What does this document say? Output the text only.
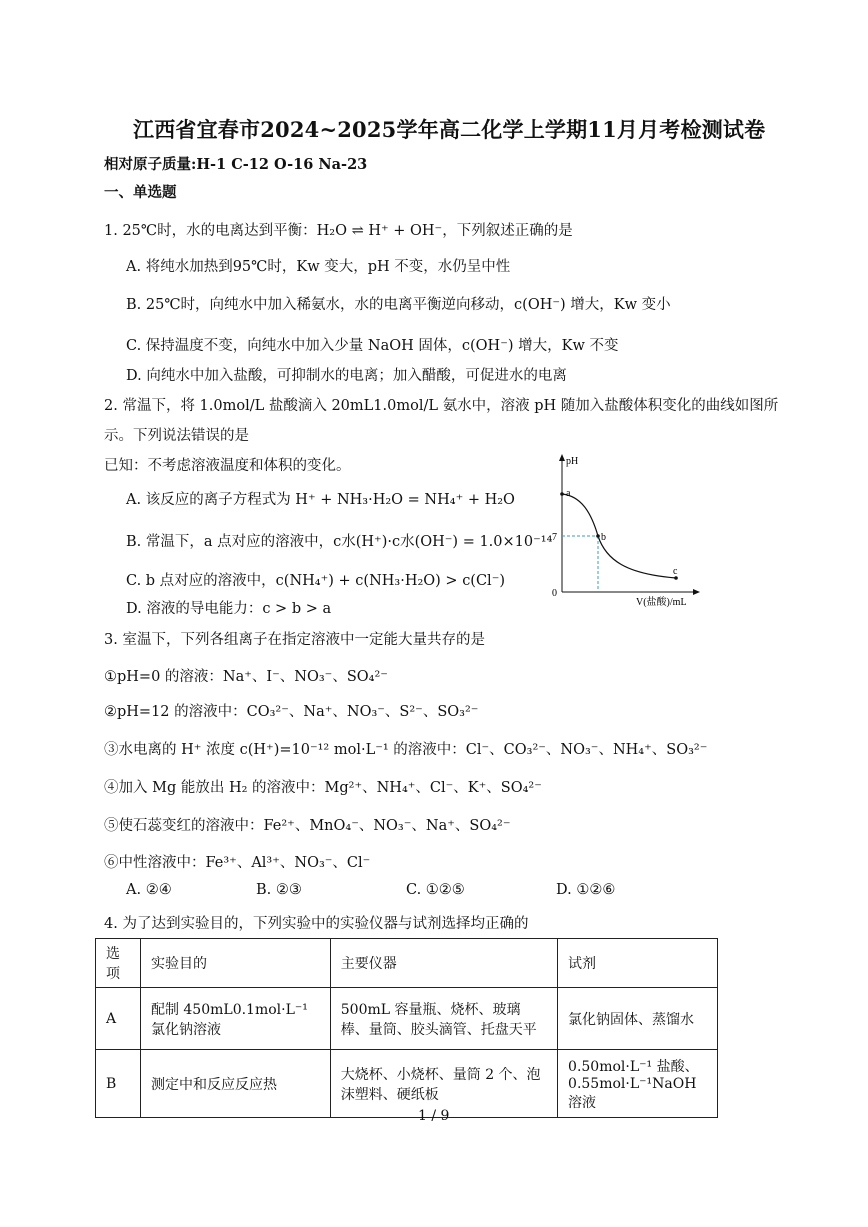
江西省宜春市2024~2025学年高二化学上学期11月月考检测试卷
相对原子质量:H-1 C-12 O-16 Na-23
一、单选题
1. 25℃时，水的电离达到平衡：H₂O ⇌ H⁺ + OH⁻，下列叙述正确的是
A. 将纯水加热到95℃时，Kw 变大，pH 不变，水仍呈中性
B. 25℃时，向纯水中加入稀氨水，水的电离平衡逆向移动，c(OH⁻) 增大，Kw 变小
C. 保持温度不变，向纯水中加入少量 NaOH 固体，c(OH⁻) 增大，Kw 不变
D. 向纯水中加入盐酸，可抑制水的电离；加入醋酸，可促进水的电离
2. 常温下，将 1.0mol/L 盐酸滴入 20mL1.0mol/L 氨水中，溶液 pH 随加入盐酸体积变化的曲线如图所
示。下列说法错误的是
已知：不考虑溶液温度和体积的变化。
A. 该反应的离子方程式为 H⁺ + NH₃·H₂O = NH₄⁺ + H₂O
B. 常温下，a 点对应的溶液中，c水(H⁺)·c水(OH⁻) = 1.0×10⁻¹⁴
C. b 点对应的溶液中，c(NH₄⁺) + c(NH₃·H₂O) > c(Cl⁻)
D. 溶液的导电能力：c > b > a
pH
a
b
c
7
0
V(盐酸)/mL
3. 室温下，下列各组离子在指定溶液中一定能大量共存的是
①pH=0 的溶液：Na⁺、I⁻、NO₃⁻、SO₄²⁻
②pH=12 的溶液中：CO₃²⁻、Na⁺、NO₃⁻、S²⁻、SO₃²⁻
③水电离的 H⁺ 浓度 c(H⁺)=10⁻¹² mol·L⁻¹ 的溶液中：Cl⁻、CO₃²⁻、NO₃⁻、NH₄⁺、SO₃²⁻
④加入 Mg 能放出 H₂ 的溶液中：Mg²⁺、NH₄⁺、Cl⁻、K⁺、SO₄²⁻
⑤使石蕊变红的溶液中：Fe²⁺、MnO₄⁻、NO₃⁻、Na⁺、SO₄²⁻
⑥中性溶液中：Fe³⁺、Al³⁺、NO₃⁻、Cl⁻
A. ②④	B. ②③	C. ①②⑤	D. ①②⑥
4. 为了达到实验目的，下列实验中的实验仪器与试剂选择均正确的
选项	实验目的	主要仪器	试剂
A	配制 450mL0.1mol·L⁻¹ 氯化钠溶液	500mL 容量瓶、烧杯、玻璃棒、量筒、胶头滴管、托盘天平	氯化钠固体、蒸馏水
B	测定中和反应反应热	大烧杯、小烧杯、量筒 2 个、泡沫塑料、硬纸板	0.50mol·L⁻¹ 盐酸、0.55mol·L⁻¹NaOH 溶液
1 / 9
